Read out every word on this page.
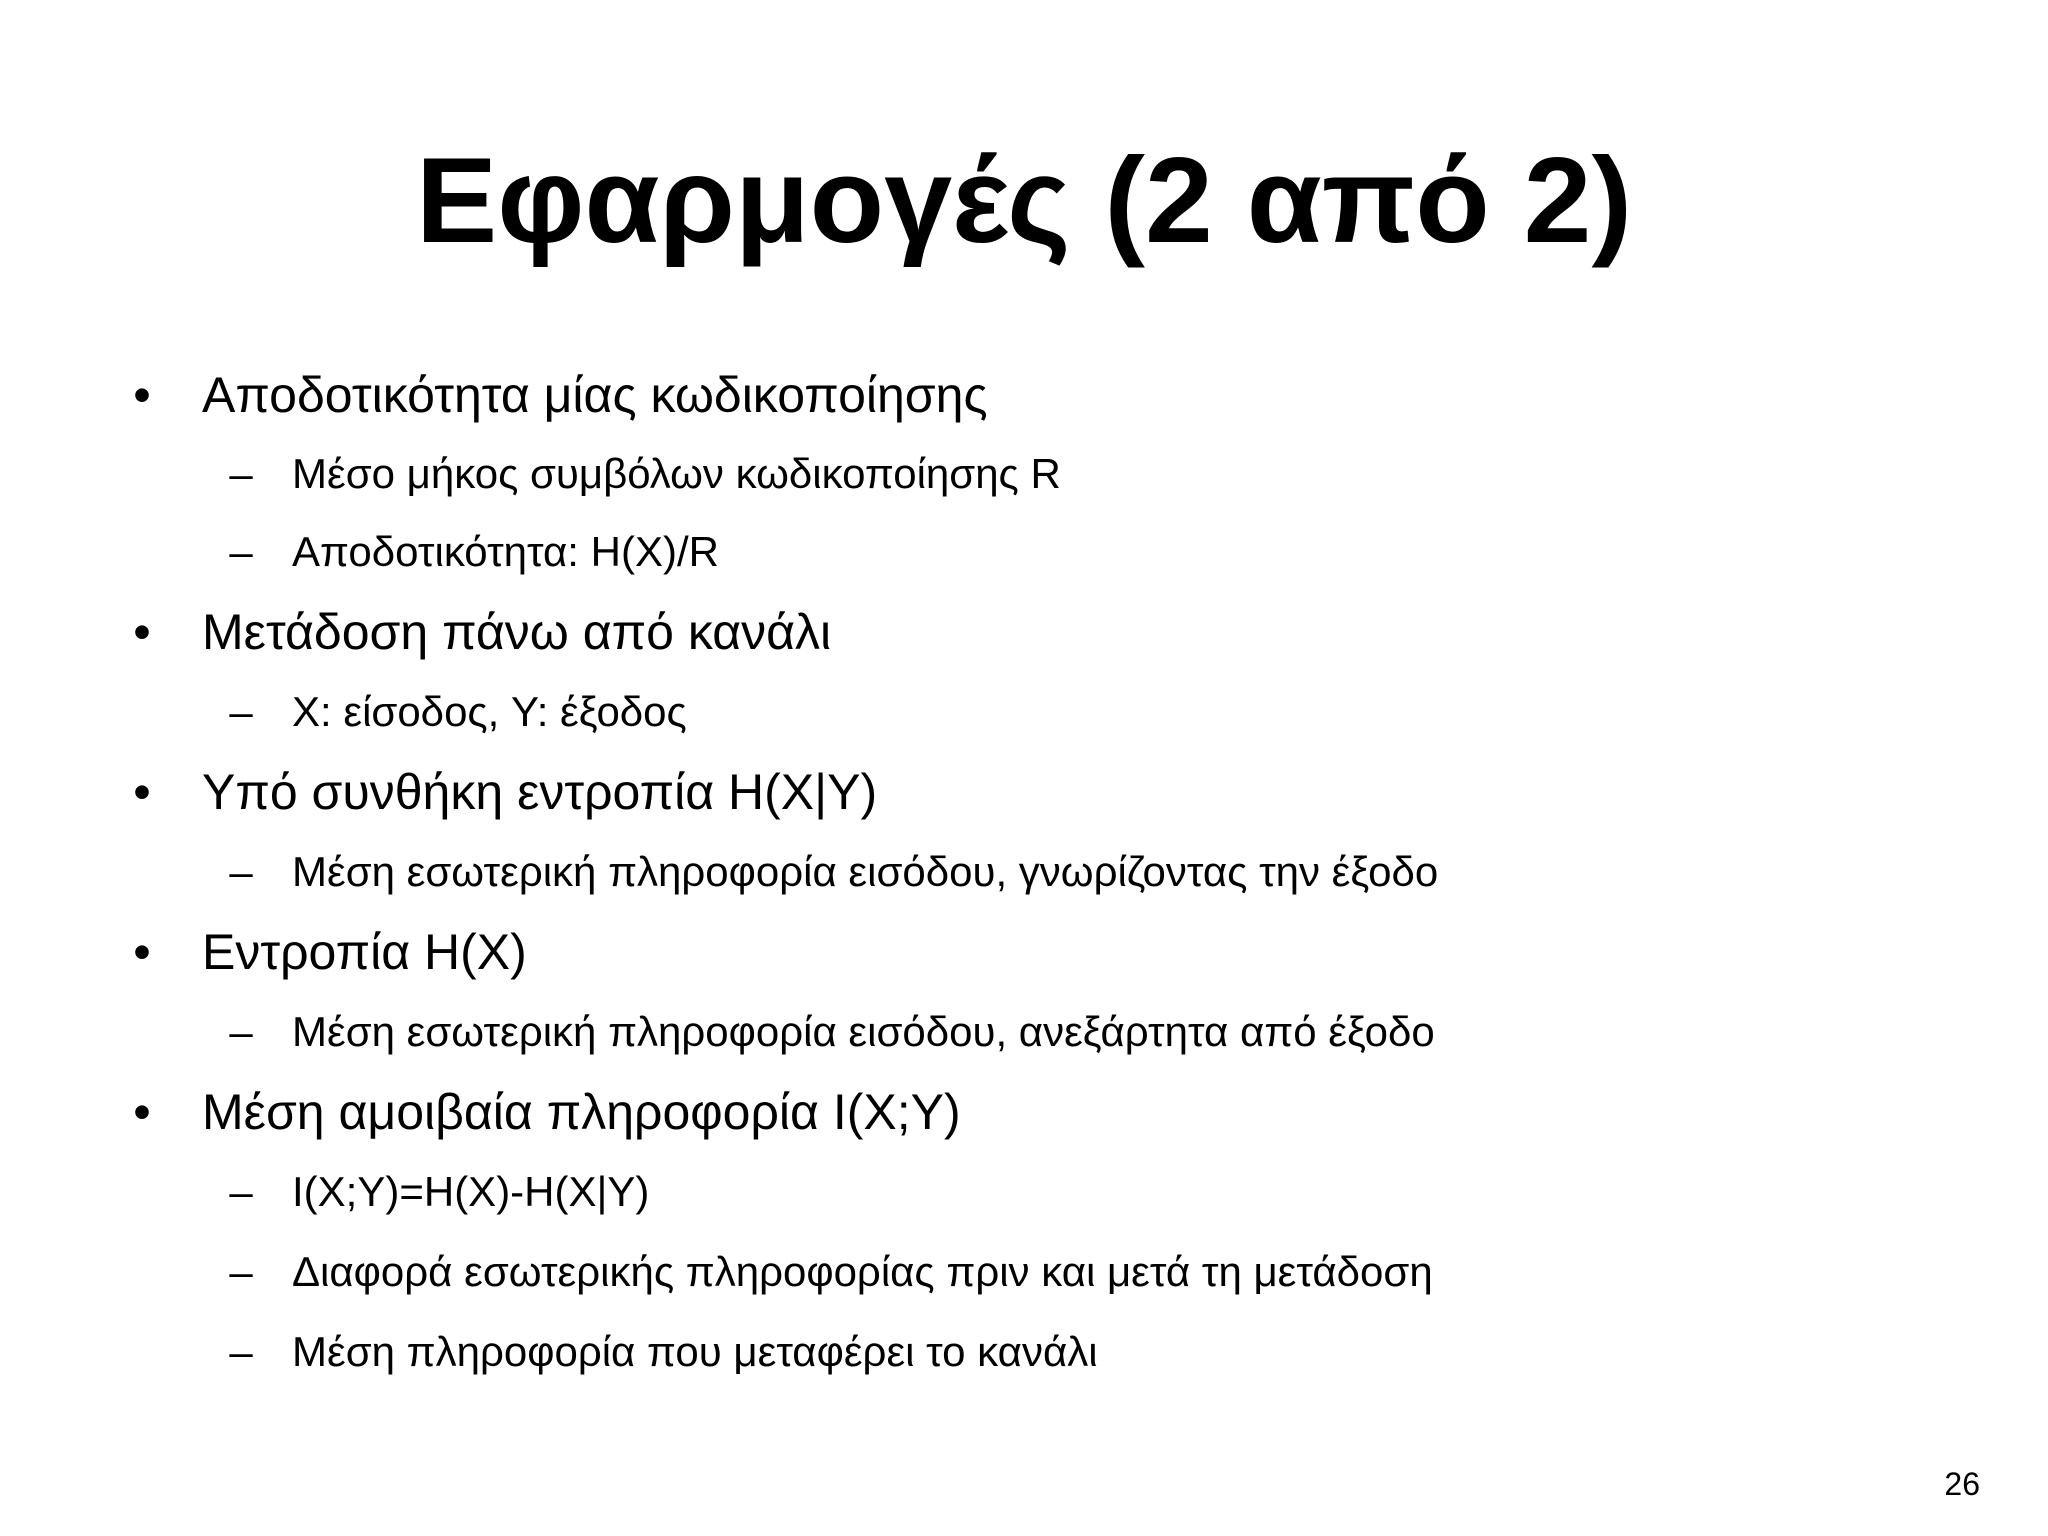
Εφαρμογές (2 από 2)
• Αποδοτικότητα μίας κωδικοποίησης
– Μέσο μήκος συμβόλων κωδικοποίησης R
– Αποδοτικότητα: H(X)/R
• Μετάδοση πάνω από κανάλι
– X: είσοδος, Y: έξοδος
• Υπό συνθήκη εντροπία H(X|Y)
– Μέση εσωτερική πληροφορία εισόδου, γνωρίζοντας την έξοδο
• Εντροπία H(X)
– Μέση εσωτερική πληροφορία εισόδου, ανεξάρτητα από έξοδο
• Μέση αμοιβαία πληροφορία I(X;Y)
– I(X;Y)=H(X)-H(X|Y)
– Διαφορά εσωτερικής πληροφορίας πριν και μετά τη μετάδοση
– Μέση πληροφορία που μεταφέρει το κανάλι
26
